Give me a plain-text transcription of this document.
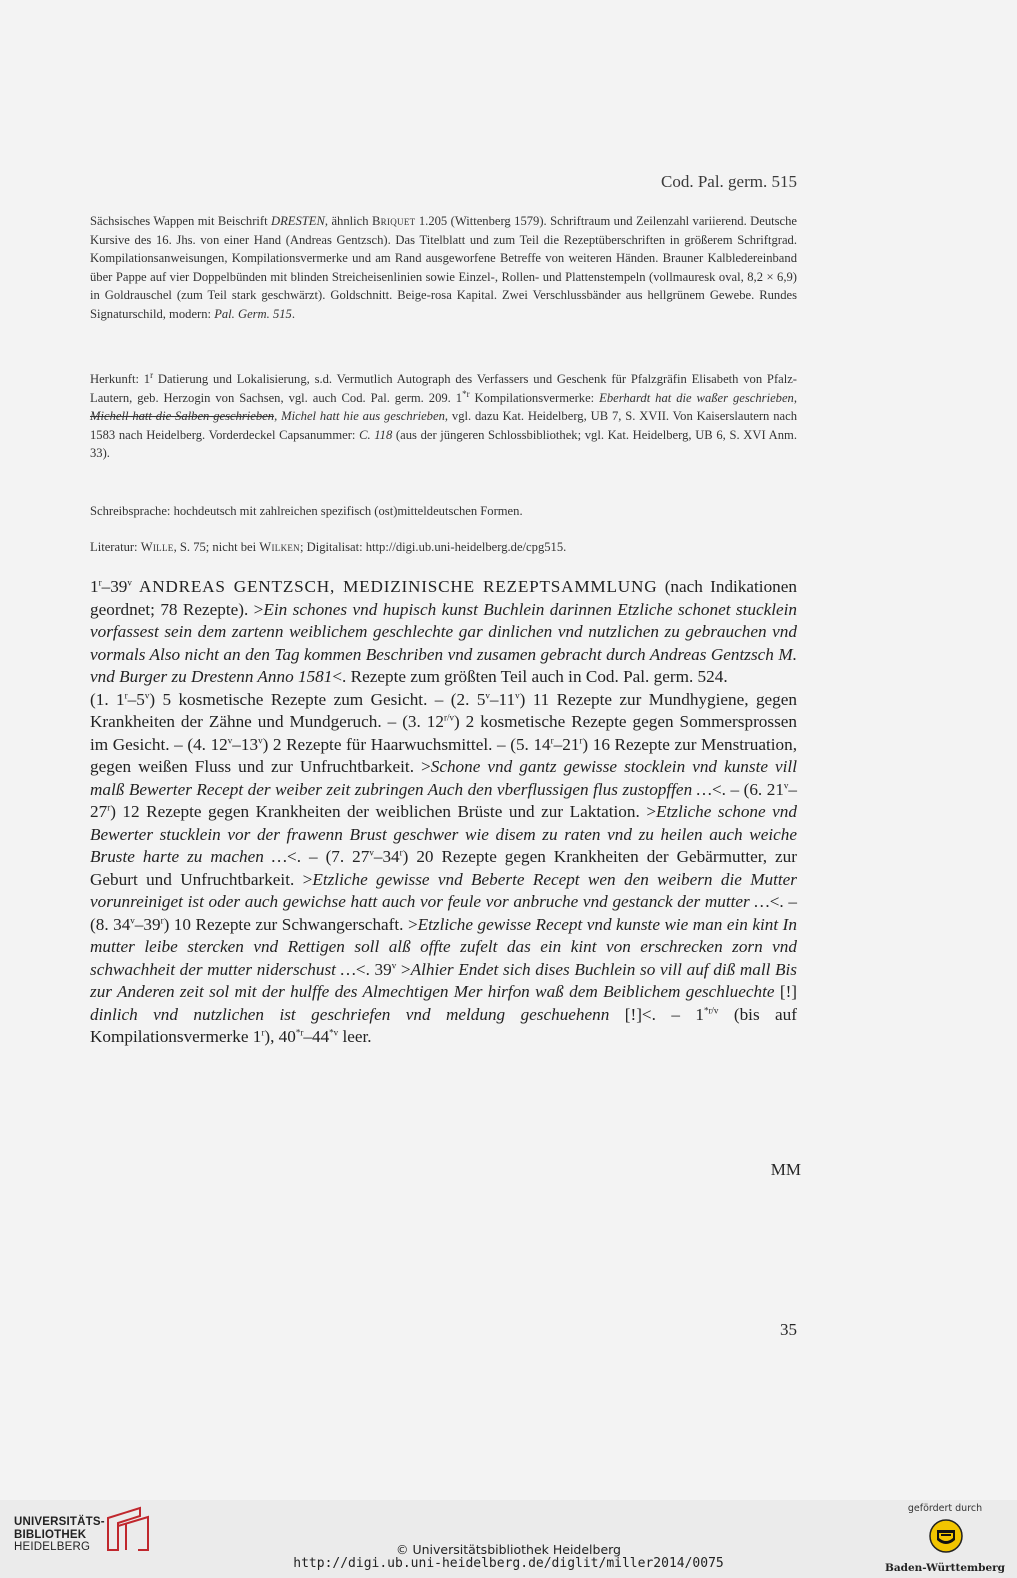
Cod. Pal. germ. 515

Sächsisches Wappen mit Beischrift DRESTEN, ähnlich Briquet 1.205 (Wittenberg 1579). Schriftraum und Zeilenzahl variierend. Deutsche Kursive des 16. Jhs. von einer Hand (Andreas Gentzsch). Das Titelblatt und zum Teil die Rezeptüberschriften in größerem Schriftgrad. Kompilationsanweisungen, Kompilationsvermerke und am Rand ausgeworfene Betreffe von weiteren Händen. Brauner Kalbledereinband über Pappe auf vier Doppelbünden mit blinden Streicheisenlinien sowie Einzel-, Rollen- und Plattenstempeln (vollmauresk oval, 8,2 × 6,9) in Goldrauschel (zum Teil stark geschwärzt). Goldschnitt. Beige-rosa Kapital. Zwei Verschlussbänder aus hellgrünem Gewebe. Rundes Signaturschild, modern: Pal. Germ. 515.

Herkunft: 1$^r$ Datierung und Lokalisierung, s.d. Vermutlich Autograph des Verfassers und Geschenk für Pfalzgräfin Elisabeth von Pfalz-Lautern, geb. Herzogin von Sachsen, vgl. auch Cod. Pal. germ. 209. 1$^{*r}$ Kompilationsvermerke: Eberhardt hat die waßer geschrieben, Michell hatt die Salben geschrieben, Michel hatt hie aus geschrieben, vgl. dazu Kat. Heidelberg, UB 7, S. XVII. Von Kaiserslautern nach 1583 nach Heidelberg. Vorderdeckel Capsanummer: C. 118 (aus der jüngeren Schlossbibliothek; vgl. Kat. Heidelberg, UB 6, S. XVI Anm. 33).

Schreibsprache: hochdeutsch mit zahlreichen spezifisch (ost)mitteldeutschen Formen.

Literatur: Wille, S. 75; nicht bei Wilken; Digitalisat: http://digi.ub.uni-heidelberg.de/cpg515.

1$^r$–39$^v$ ANDREAS GENTZSCH, MEDIZINISCHE REZEPTSAMMLUNG (nach Indikationen geordnet; 78 Rezepte). >Ein schones vnd hupisch kunst Buchlein darinnen Etzliche schonet stucklein vorfassest sein dem zartenn weiblichem geschlechte gar dinlichen vnd nutzlichen zu gebrauchen vnd vormals Also nicht an den Tag kommen Beschriben vnd zusamen gebracht durch Andreas Gentzsch M. vnd Burger zu Drestenn Anno 1581<. Rezepte zum größten Teil auch in Cod. Pal. germ. 524.

(1. 1$^r$–5$^v$) 5 kosmetische Rezepte zum Gesicht. – (2. 5$^v$–11$^v$) 11 Rezepte zur Mundhygiene, gegen Krankheiten der Zähne und Mundgeruch. – (3. $12^{r/v}$) 2 kosmetische Rezepte gegen Sommersprossen im Gesicht. – (4. 12$^v$–13$^v$) 2 Rezepte für Haarwuchsmittel. – (5. 14$^r$–21$^r$) 16 Rezepte zur Menstruation, gegen weißen Fluss und zur Unfruchtbarkeit. >Schone vnd gantz gewisse stocklein vnd kunste vill malß Bewerter Recept der weiber zeit zubringen Auch den vberflussigen flus zustopffen …<. – (6. 21$^v$–27$^r$) 12 Rezepte gegen Krankheiten der weiblichen Brüste und zur Laktation. >Etzliche schone vnd Bewerter stucklein vor der frawenn Brust geschwer wie disem zu raten vnd zu heilen auch weiche Bruste harte zu machen …<. – (7. 27$^v$–34$^r$) 20 Rezepte gegen Krankheiten der Gebärmutter, zur Geburt und Unfruchtbarkeit. >Etzliche gewisse vnd Beberte Recept wen den weibern die Mutter vorunreiniget ist oder auch gewichse hatt auch vor feule vor anbruche vnd gestanck der mutter …<. – (8. 34$^v$–39$^r$) 10 Rezepte zur Schwangerschaft. >Etzliche gewisse Recept vnd kunste wie man ein kint In mutter leibe stercken vnd Rettigen soll alß offte zufelt das ein kint von erschrecken zorn vnd schwachheit der mutter niderschust …<. $39^v$ >Alhier Endet sich dises Buchlein so vill auf diß mall Bis zur Anderen zeit sol mit der hulffe des Almechtigen Mer hirfon waß dem Beiblichem geschluechte [!] dinlich vnd nutzlichen ist geschriefen vnd meldung geschuehenn [!]<. – $1^{*r/v}$ (bis auf Kompilationsvermerke 1$^r$), 40$^{*r}$–44$^{*v}$ leer.

MM
35
UNIVERSITÄTS-
BIBLIOTHEK
HEIDELBERG	© Universitätsbibliothek Heidelberg
http://digi.ub.uni-heidelberg.de/diglit/miller2014/0075
gefördert durch
Baden-Württemberg
